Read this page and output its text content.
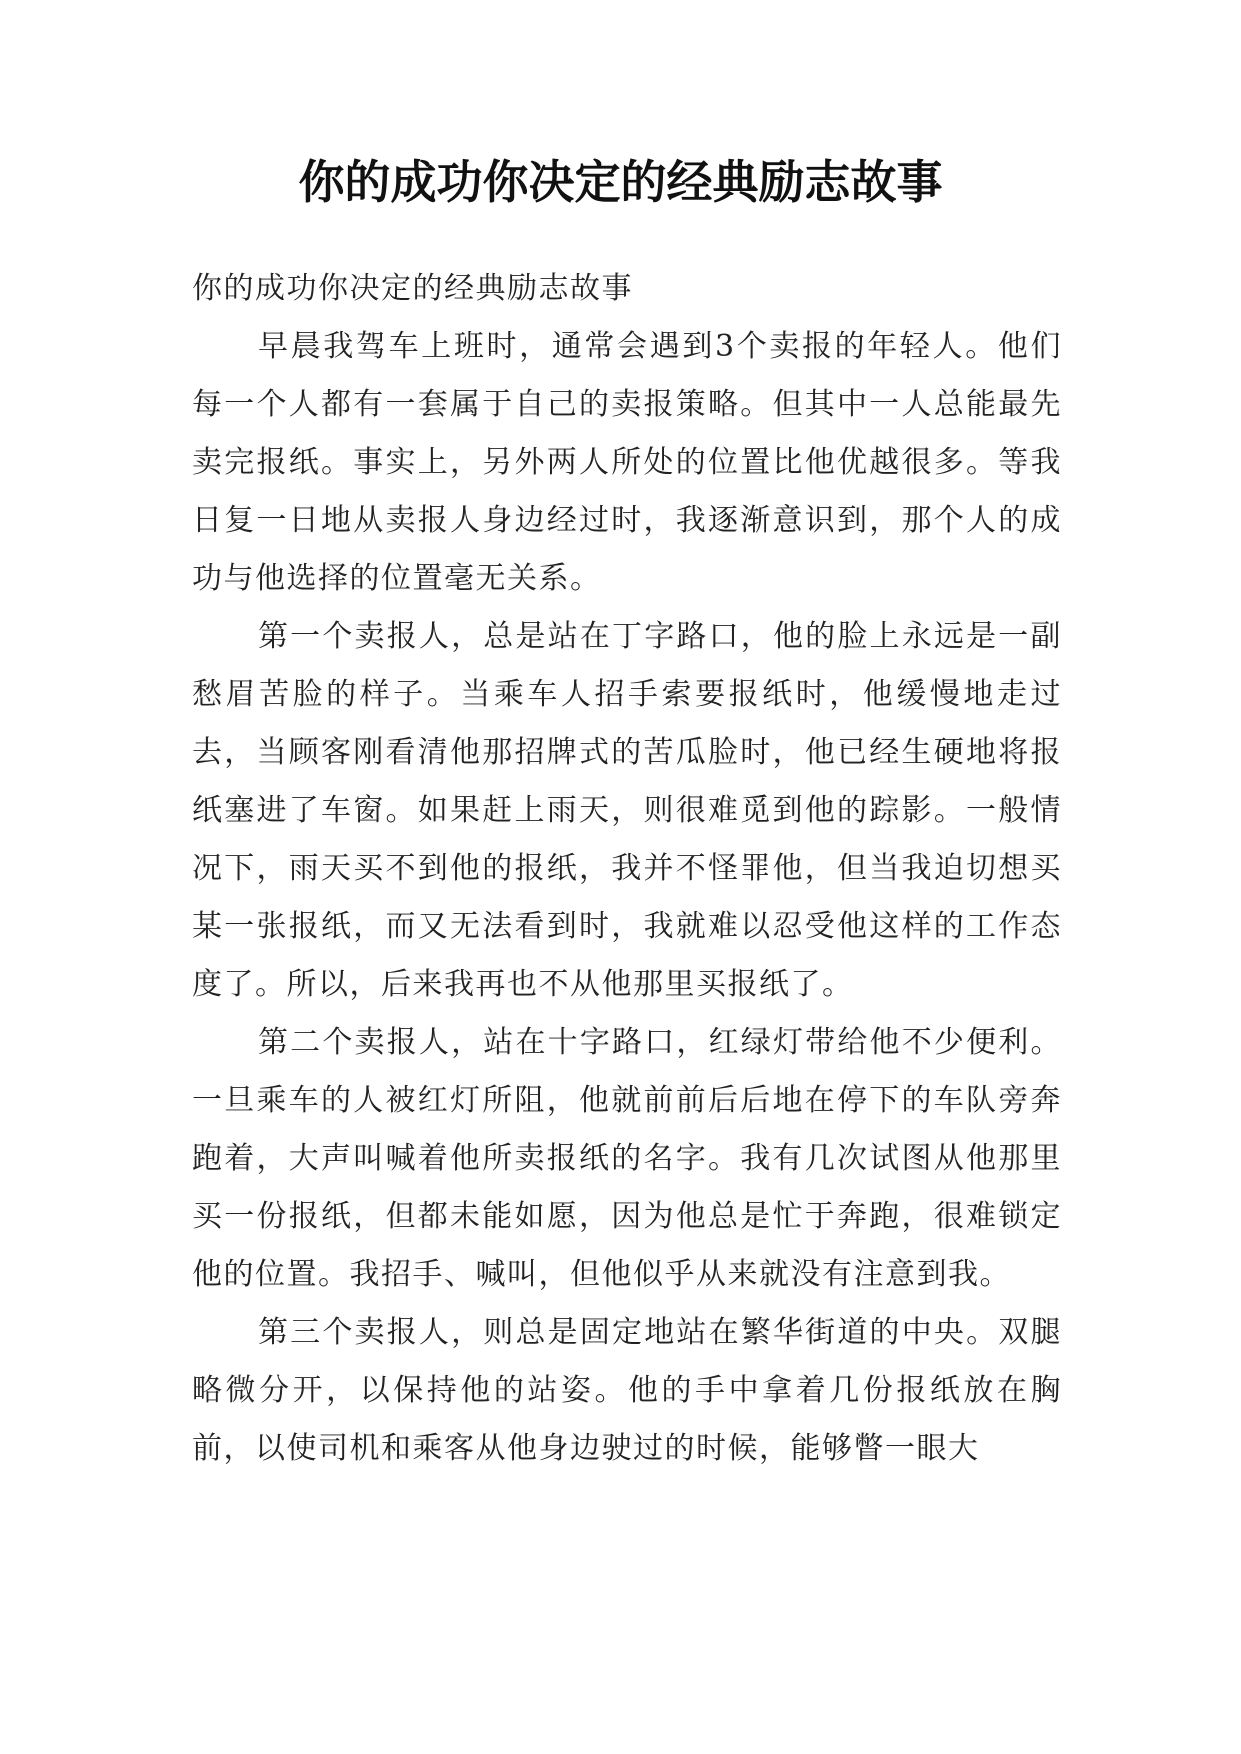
你的成功你决定的经典励志故事

你的成功你决定的经典励志故事

早晨我驾车上班时，通常会遇到3个卖报的年轻人。他们每一个人都有一套属于自己的卖报策略。但其中一人总能最先卖完报纸。事实上，另外两人所处的位置比他优越很多。等我日复一日地从卖报人身边经过时，我逐渐意识到，那个人的成功与他选择的位置毫无关系。

第一个卖报人，总是站在丁字路口，他的脸上永远是一副愁眉苦脸的样子。当乘车人招手索要报纸时，他缓慢地走过去，当顾客刚看清他那招牌式的苦瓜脸时，他已经生硬地将报纸塞进了车窗。如果赶上雨天，则很难觅到他的踪影。一般情况下，雨天买不到他的报纸，我并不怪罪他，但当我迫切想买某一张报纸，而又无法看到时，我就难以忍受他这样的工作态度了。所以，后来我再也不从他那里买报纸了。

第二个卖报人，站在十字路口，红绿灯带给他不少便利。一旦乘车的人被红灯所阻，他就前前后后地在停下的车队旁奔跑着，大声叫喊着他所卖报纸的名字。我有几次试图从他那里买一份报纸，但都未能如愿，因为他总是忙于奔跑，很难锁定他的位置。我招手、喊叫，但他似乎从来就没有注意到我。

第三个卖报人，则总是固定地站在繁华街道的中央。双腿略微分开，以保持他的站姿。他的手中拿着几份报纸放在胸前，以使司机和乘客从他身边驶过的时候，能够瞥一眼大
